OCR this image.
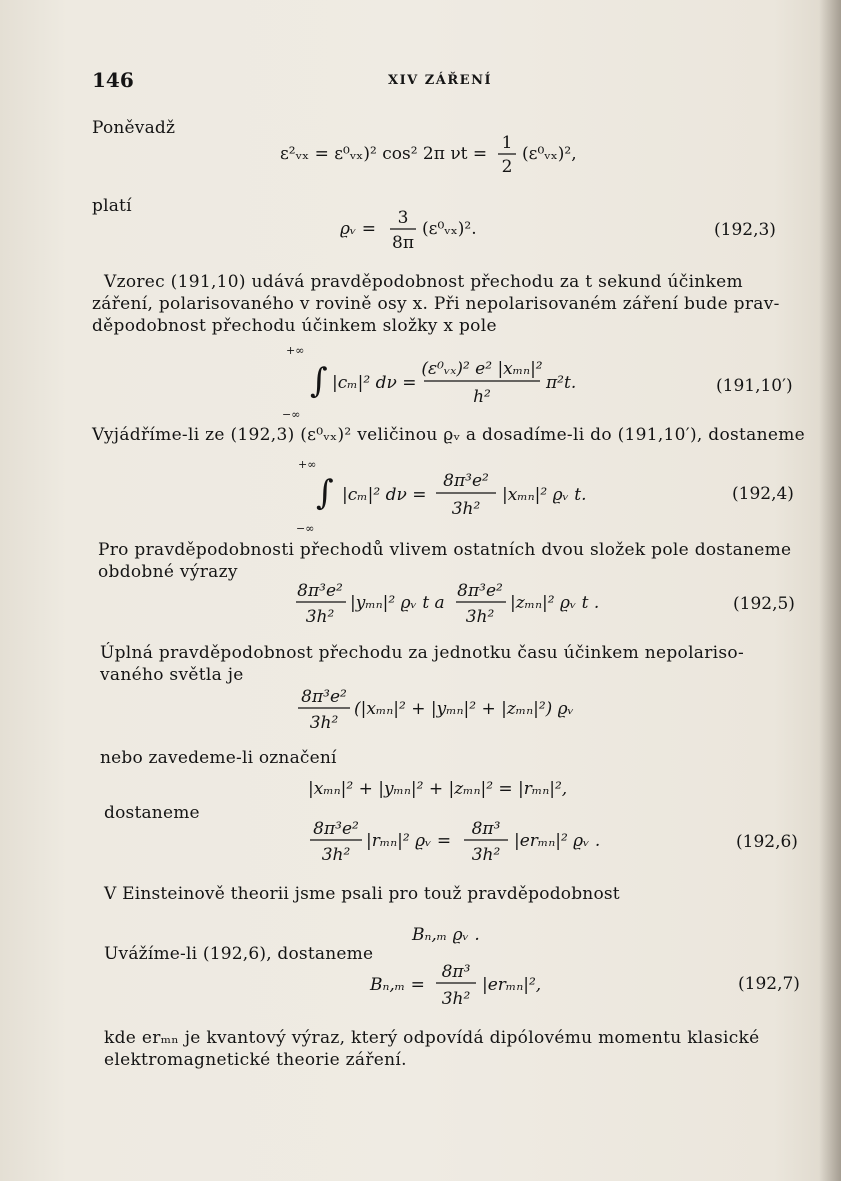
146	XIV ZÁŘENÍ
Poněvadž
ε²ᵥₓ = ε⁰ᵥₓ)² cos² 2π νt =
1
2
(ε⁰ᵥₓ)²,
platí
ϱᵥ =
3
8π
(ε⁰ᵥₓ)².	(192,3)
Vzorec (191,10) udává pravděpodobnost přechodu za t sekund účinkem
záření, polarisovaného v rovině osy x. Při nepolarisovaném záření bude prav-
děpodobnost přechodu účinkem složky x pole
+∞
∫
−∞
|cₘ|² dν =
(ε⁰ᵥₓ)² e² |xₘₙ|²
h²
π²t.	(191,10′)
Vyjádříme-li ze (192,3) (ε⁰ᵥₓ)² veličinou ϱᵥ a dosadíme-li do (191,10′), dostaneme
+∞
∫
−∞
|cₘ|² dν =
8π³e²
3h²
|xₘₙ|² ϱᵥ t.	(192,4)
Pro pravděpodobnosti přechodů vlivem ostatních dvou složek pole dostaneme
obdobné výrazy
8π³e²
3h²
|yₘₙ|² ϱᵥ t a
8π³e²
3h²
|zₘₙ|² ϱᵥ t .	(192,5)
Úplná pravděpodobnost přechodu za jednotku času účinkem nepolariso-
vaného světla je
8π³e²
3h²
(|xₘₙ|² + |yₘₙ|² + |zₘₙ|²) ϱᵥ
nebo zavedeme-li označení
|xₘₙ|² + |yₘₙ|² + |zₘₙ|² = |rₘₙ|²,
dostaneme
8π³e²
3h²
|rₘₙ|² ϱᵥ =
8π³
3h²
|erₘₙ|² ϱᵥ .	(192,6)
V Einsteinově theorii jsme psali pro touž pravděpodobnost
Bₙ,ₘ ϱᵥ .
Uvážíme-li (192,6), dostaneme
Bₙ,ₘ =
8π³
3h²
|erₘₙ|²,	(192,7)
kde erₘₙ je kvantový výraz, který odpovídá dipólovému momentu klasické
elektromagnetické theorie záření.
